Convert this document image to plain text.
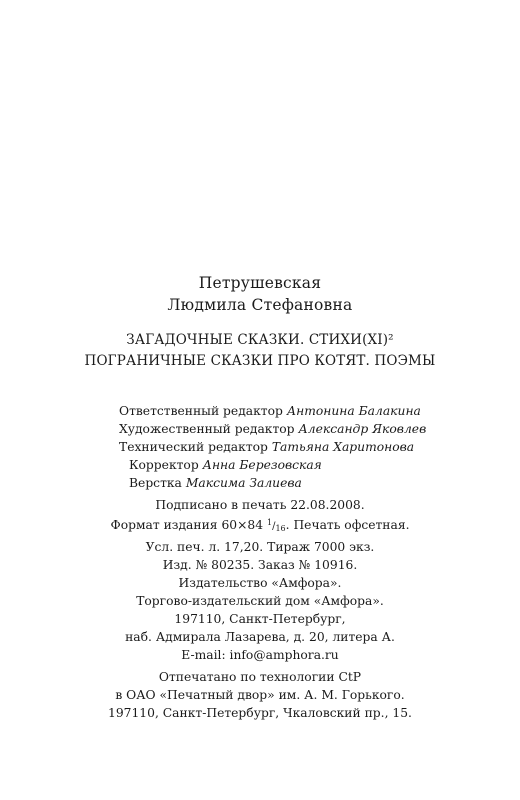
Петрушевская
Людмила Стефановна
ЗАГАДОЧНЫЕ СКАЗКИ. СТИХИ(ХI)²
ПОГРАНИЧНЫЕ СКАЗКИ ПРО КОТЯТ. ПОЭМЫ
Ответственный редактор Антонина Балакина
Художественный редактор Александр Яковлев
Технический редактор Татьяна Харитонова
Корректор Анна Березовская
Верстка Максима Залиева
Подписано в печать 22.08.2008.
Формат издания 60×84 $^1/_{16}$. Печать офсетная.
Усл. печ. л. 17,20. Тираж 7000 экз.
Изд. № 80235. Заказ № 10916.
Издательство «Амфора».
Торгово-издательский дом «Амфора».
197110, Санкт-Петербург,
наб. Адмирала Лазарева, д. 20, литера А.
E-mail: info@amphora.ru
Отпечатано по технологии CtP
в ОАО «Печатный двор» им. А. М. Горького.
197110, Санкт-Петербург, Чкаловский пр., 15.
